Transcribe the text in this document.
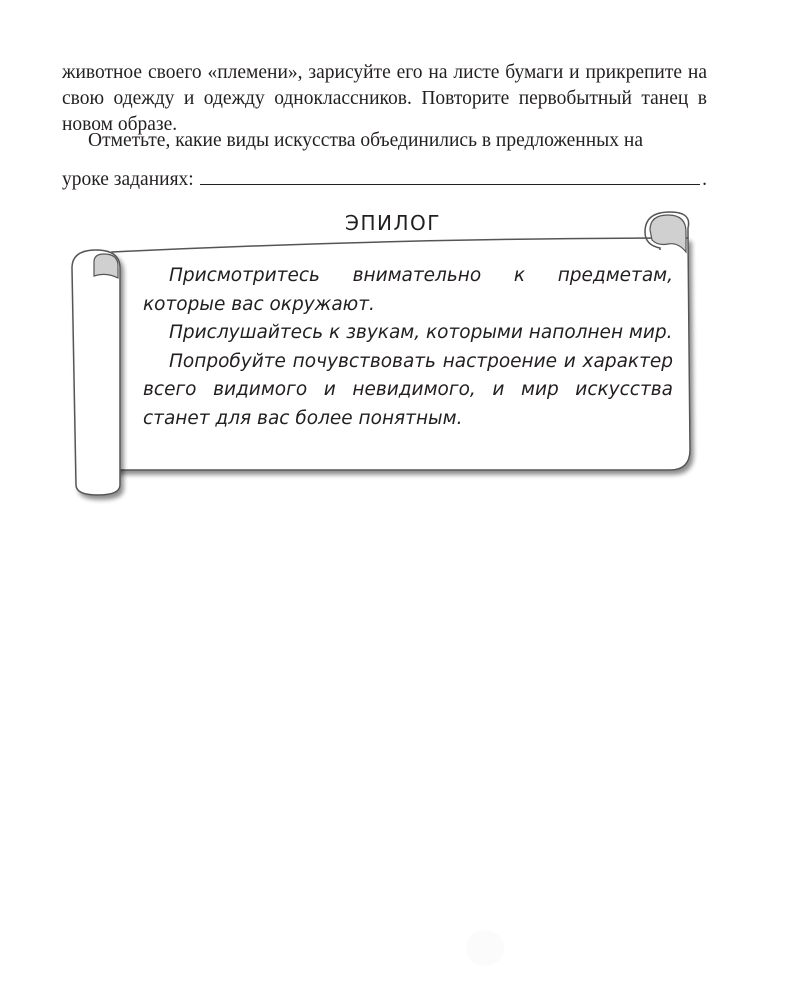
животное своего «племени», зарисуйте его на листе бумаги и прикрепите на свою одежду и одежду одноклассников. Повторите первобытный танец в новом образе.

Отметьте, какие виды искусства объединились в предложенных на

уроке заданиях:	.
ЭПИЛОГ

Присмотритесь внимательно к предметам, которые вас окружают.

Прислушайтесь к звукам, которыми наполнен мир.

Попробуйте почувствовать настроение и характер всего видимого и невидимого, и мир искусства станет для вас более понятным.
